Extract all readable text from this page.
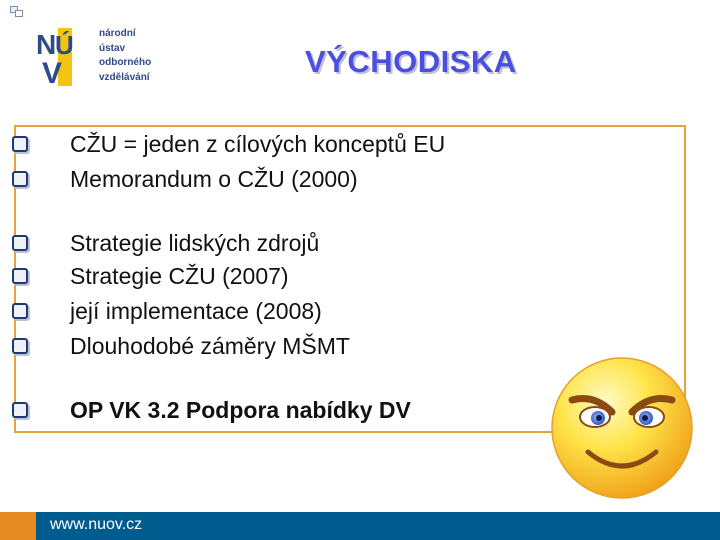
N
Ú
V
národní
ústav
odborného
vzdělávání	VÝCHODISKA
CŽU = jeden z cílových konceptů EU
Memorandum o CŽU (2000)
Strategie lidských zdrojů
Strategie CŽU (2007)
její implementace (2008)
Dlouhodobé záměry MŠMT
OP VK 3.2 Podpora nabídky DV
www.nuov.cz
